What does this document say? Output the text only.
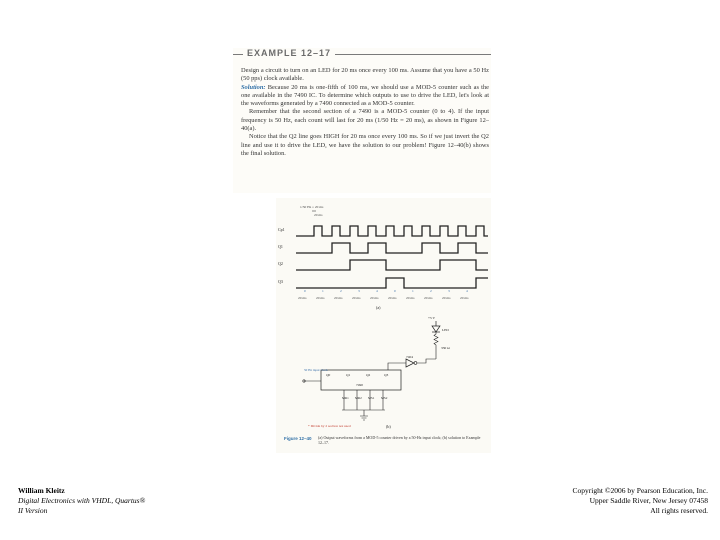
EXAMPLE 12–17

Design a circuit to turn on an LED for 20 ms once every 100 ms. Assume that you have a 50 Hz (50 pps) clock available.

Solution: Because 20 ms is one-fifth of 100 ms, we should use a MOD-5 counter such as the one available in the 7490 IC. To determine which outputs to use to drive the LED, let's look at the waveforms generated by a 7490 connected as a MOD-5 counter.

Remember that the second section of a 7490 is a MOD-5 counter (0 to 4). If the input frequency is 50 Hz, each count will last for 20 ms (1/50 Hz = 20 ms), as shown in Figure 12–40(a).

Notice that the Q2 line goes HIGH for 20 ms once every 100 ms. So if we just invert the Q2 line and use it to drive the LED, we have the solution to our problem! Figure 12–40(b) shows the final solution.

1/50 Hz = 20 ms
20 ms
Cp1
Q1
Q2
Q3
0	1	2	3	4	0	1	2	3	4
20 ms	20 ms	20 ms	20 ms	20 ms	20 ms	20 ms	20 ms	20 ms	20 ms
(a)
+5 V
LED
330 Ω
7404
Q0	Q1	Q2	Q3
7490
50 Hz input clock
MR1 MR2 MS1 MS2
* Divide by 2 section not used	(b)
Figure 12–40 (a) Output waveforms from a MOD-5 counter driven by a 50-Hz input clock; (b) solution to Example 12–17.
William Kleitz
Digital Electronics with VHDL, Quartus®
II Version
Copyright ©2006 by Pearson Education, Inc.
Upper Saddle River, New Jersey 07458
All rights reserved.
